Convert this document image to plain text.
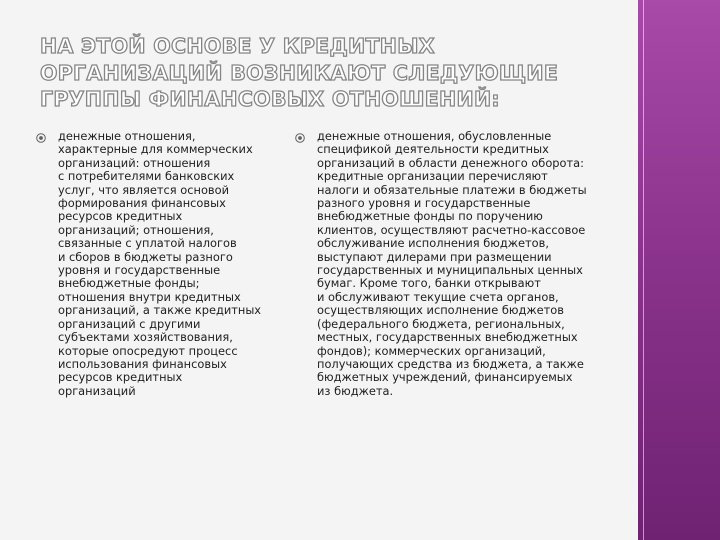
НА ЭТОЙ ОСНОВЕ У КРЕДИТНЫХ ОРГАНИЗАЦИЙ ВОЗНИКАЮТ СЛЕДУЮЩИЕ ГРУППЫ ФИНАНСОВЫХ ОТНОШЕНИЙ:

денежные отношения,
характерные для коммерческих
организаций: отношения
с потребителями банковских
услуг, что является основой
формирования финансовых
ресурсов кредитных
организаций; отношения,
связанные с уплатой налогов
и сборов в бюджеты разного
уровня и государственные
внебюджетные фонды;
отношения внутри кредитных
организаций, а также кредитных
организаций с другими
субъектами хозяйствования,
которые опосредуют процесс
использования финансовых
ресурсов кредитных
организаций

денежные отношения, обусловленные
спецификой деятельности кредитных
организаций в области денежного оборота:
кредитные организации перечисляют
налоги и обязательные платежи в бюджеты
разного уровня и государственные
внебюджетные фонды по поручению
клиентов, осуществляют расчетно-кассовое
обслуживание исполнения бюджетов,
выступают дилерами при размещении
государственных и муниципальных ценных
бумаг. Кроме того, банки открывают
и обслуживают текущие счета органов,
осуществляющих исполнение бюджетов
(федерального бюджета, региональных,
местных, государственных внебюджетных
фондов); коммерческих организаций,
получающих средства из бюджета, а также
бюджетных учреждений, финансируемых
из бюджета.
